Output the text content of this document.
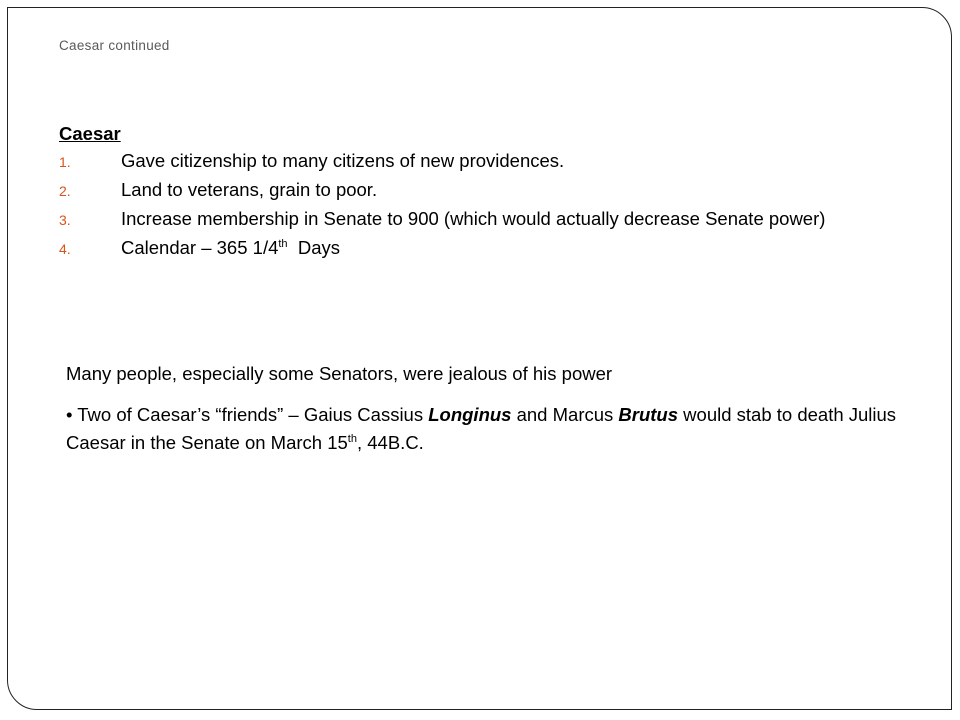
Caesar continued
Caesar
1.	Gave citizenship to many citizens of new providences.
2.	Land to veterans, grain to poor.
3.	Increase membership in Senate to 900 (which would actually decrease Senate power)
4.	Calendar – 365 1/4th  Days

Many people, especially some Senators, were jealous of his power

• Two of Caesar’s “friends” – Gaius Cassius Longinus and Marcus Brutus would stab to death Julius Caesar in the Senate on March 15th, 44B.C.
